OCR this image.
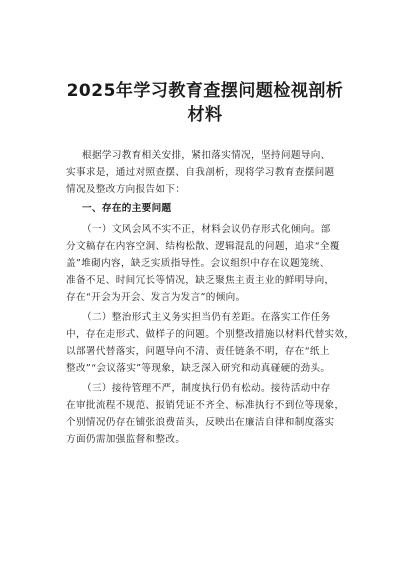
2025年学习教育查摆问题检视剖析
材料

根据学习教育相关安排，紧扣落实情况，坚持问题导向、

实事求是，通过对照查摆、自我剖析，现将学习教育查摆问题

情况及整改方向报告如下：

一、存在的主要问题

（一）文风会风不实不正，材料会议仍存形式化倾向。部

分文稿存在内容空洞、结构松散、逻辑混乱的问题，追求“全覆

盖”堆砌内容，缺乏实质指导性。会议组织中存在议题笼统、

准备不足、时间冗长等情况，缺乏聚焦主责主业的鲜明导向，

存在“开会为开会、发言为发言”的倾向。

（二）整治形式主义务实担当仍有差距。在落实工作任务

中，存在走形式、做样子的问题。个别整改措施以材料代替实效，

以部署代替落实，问题导向不清、责任链条不明，存在“纸上

整改”“会议落实”等现象，缺乏深入研究和动真碰硬的劲头。

（三）接待管理不严，制度执行仍有松动。接待活动中存

在审批流程不规范、报销凭证不齐全、标准执行不到位等现象，

个别情况仍存在铺张浪费苗头，反映出在廉洁自律和制度落实

方面仍需加强监督和整改。
